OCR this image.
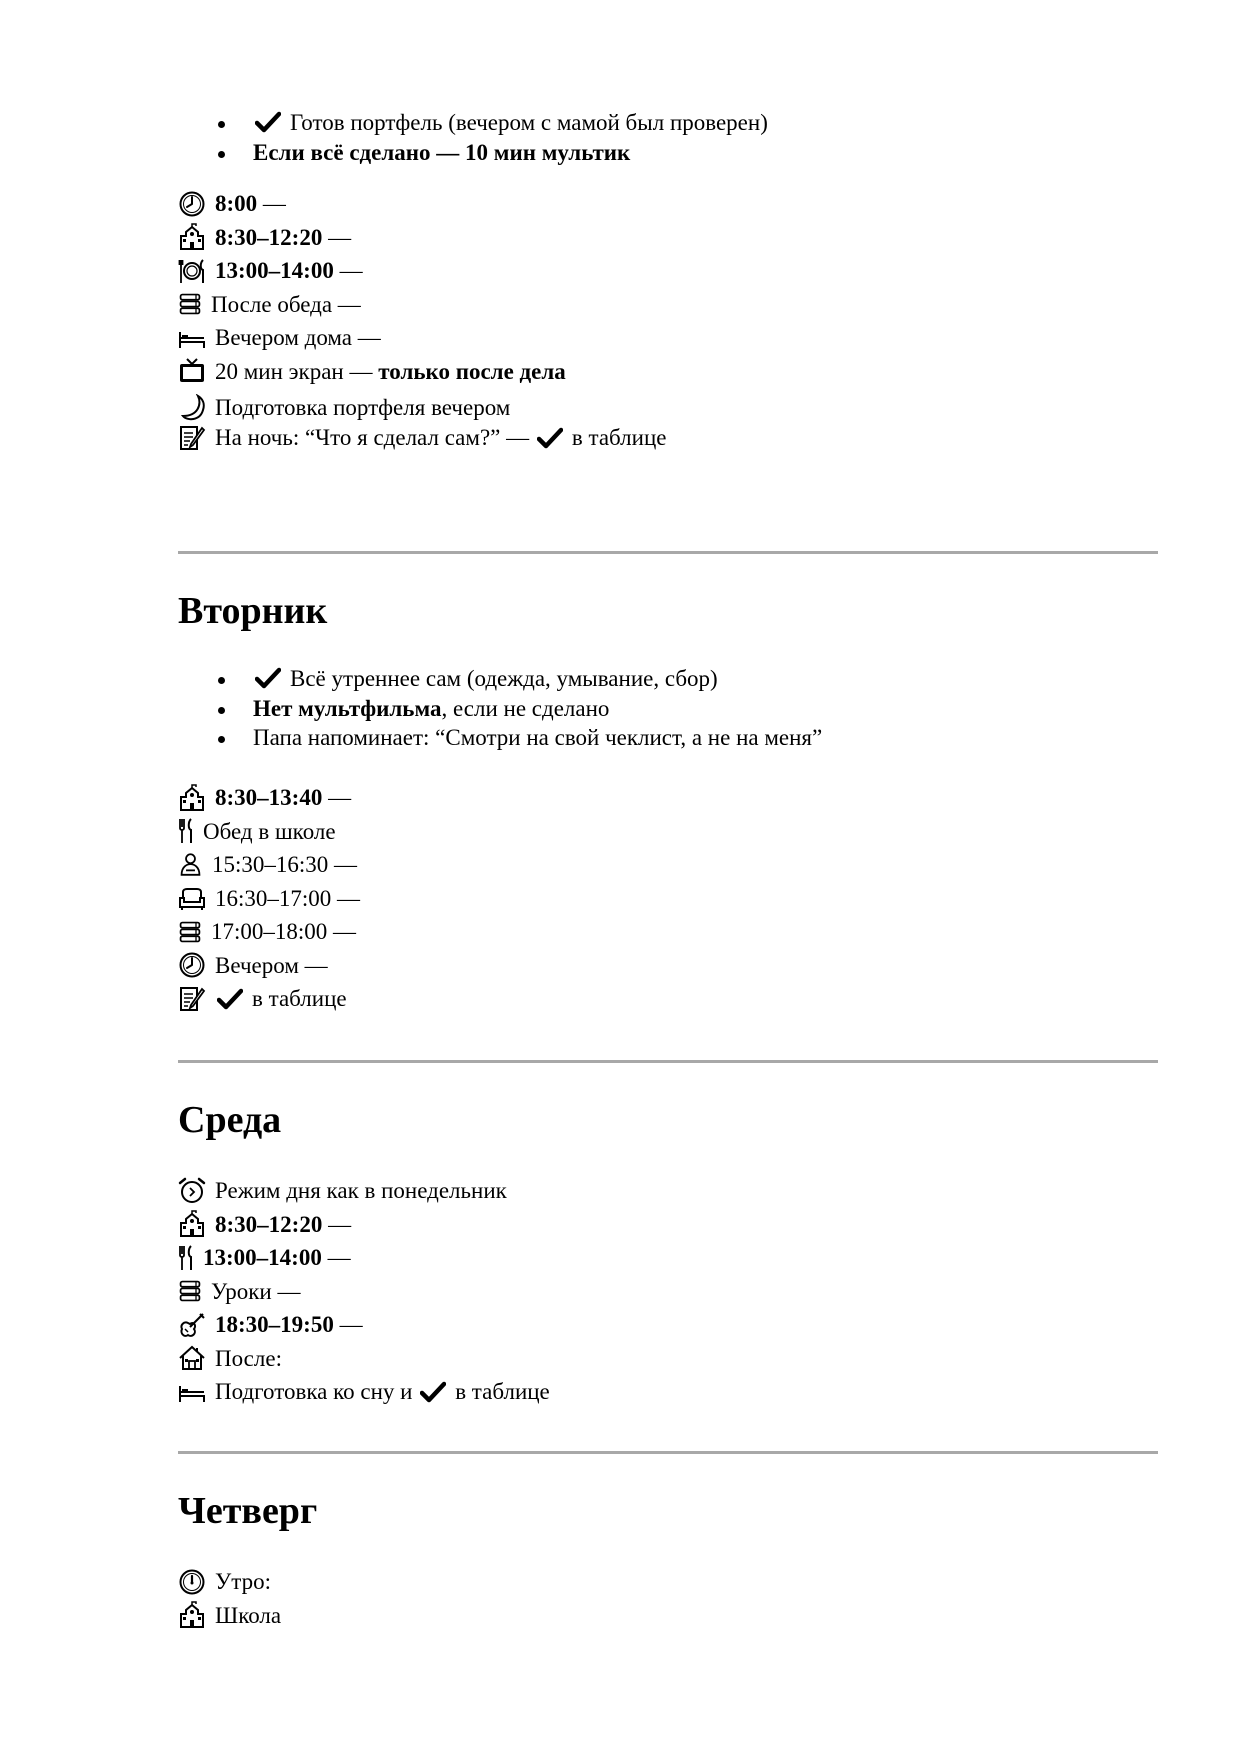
Готов портфель (вечером с мамой был проверен)
Если всё сделано — 10 мин мультик
8:00 —
8:30–12:20 —
13:00–14:00 —
После обеда —
Вечером дома —
20 мин экран — только после дела
Подготовка портфеля вечером
На ночь: “Что я сделал сам?” — в таблице
Вторник
Всё утреннее сам (одежда, умывание, сбор)
Нет мультфильма, если не сделано
Папа напоминает: “Смотри на свой чеклист, а не на меня”
8:30–13:40 —
Обед в школе
15:30–16:30 —
16:30–17:00 —
17:00–18:00 —
Вечером —
в таблице
Среда
Режим дня как в понедельник
8:30–12:20 —
13:00–14:00 —
Уроки —
18:30–19:50 —
После:
Подготовка ко сну и в таблице
Четверг
Утро:
Школа
